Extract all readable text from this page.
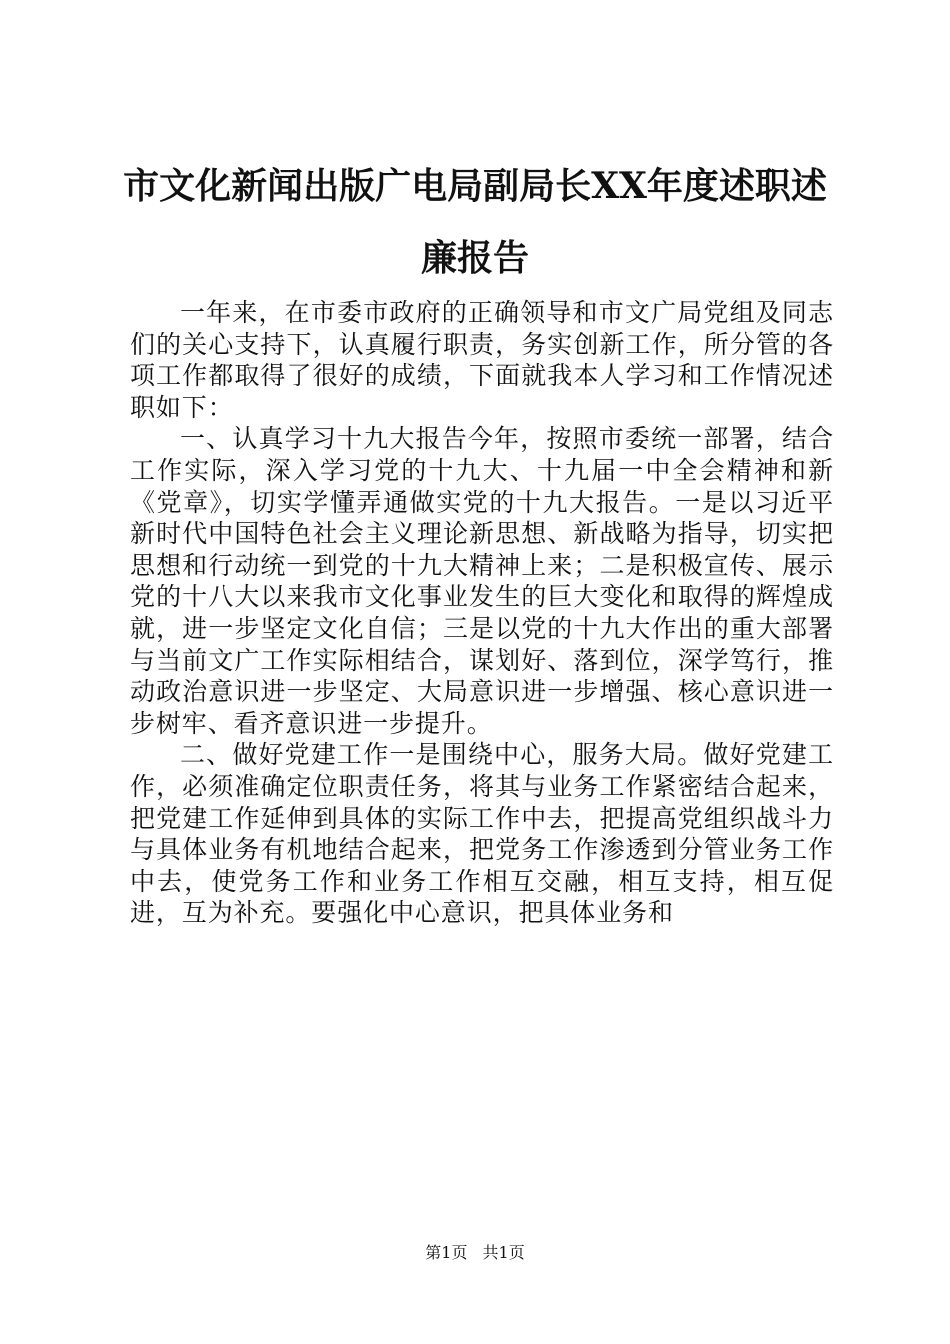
市文化新闻出版广电局副局长XX年度述职述
廉报告

一年来，在市委市政府的正确领导和市文广局党组及同志们的关心支持下，认真履行职责，务实创新工作，所分管的各项工作都取得了很好的成绩，下面就我本人学习和工作情况述职如下：

一、认真学习十九大报告今年，按照市委统一部署，结合工作实际，深入学习党的十九大、十九届一中全会精神和新《党章》，切实学懂弄通做实党的十九大报告。一是以习近平新时代中国特色社会主义理论新思想、新战略为指导，切实把思想和行动统一到党的十九大精神上来；二是积极宣传、展示党的十八大以来我市文化事业发生的巨大变化和取得的辉煌成就，进一步坚定文化自信；三是以党的十九大作出的重大部署与当前文广工作实际相结合，谋划好、落到位，深学笃行，推动政治意识进一步坚定、大局意识进一步增强、核心意识进一步树牢、看齐意识进一步提升。

二、做好党建工作一是围绕中心，服务大局。做好党建工作，必须准确定位职责任务，将其与业务工作紧密结合起来，把党建工作延伸到具体的实际工作中去，把提高党组织战斗力与具体业务有机地结合起来，把党务工作渗透到分管业务工作中去，使党务工作和业务工作相互交融，相互支持，相互促进，互为补充。要强化中心意识，把具体业务和

第1页 共1页
